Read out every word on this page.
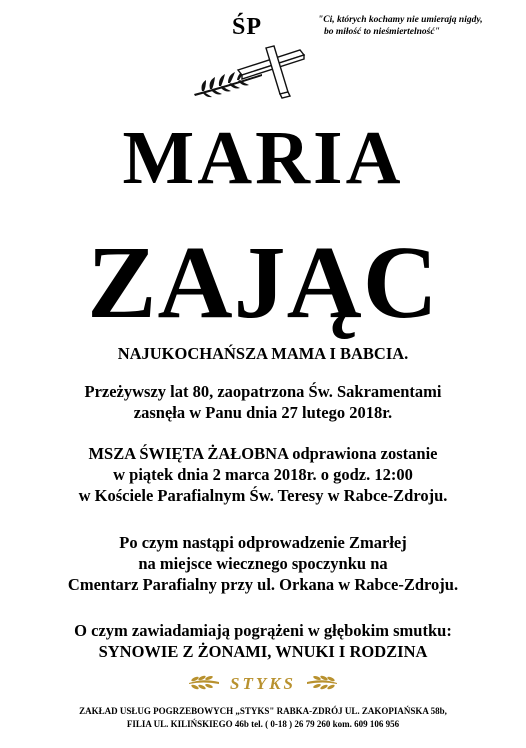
ŚP	"Ci, których kochamy nie umierają nigdy,
bo miłość to nieśmiertelność"
MARIA
ZAJĄC
NAJUKOCHAŃSZA MAMA I BABCIA.
Przeżywszy lat 80, zaopatrzona Św. Sakramentami
zasnęła w Panu dnia 27 lutego 2018r.
MSZA ŚWIĘTA ŻAŁOBNA odprawiona zostanie
w piątek dnia 2 marca 2018r. o godz. 12:00
w Kościele Parafialnym Św. Teresy w Rabce-Zdroju.
Po czym nastąpi odprowadzenie Zmarłej
na miejsce wiecznego spoczynku na
Cmentarz Parafialny przy ul. Orkana w Rabce-Zdroju.
O czym zawiadamiają pogrążeni w głębokim smutku:
SYNOWIE Z ŻONAMI, WNUKI I RODZINA
STYKS
ZAKŁAD USŁUG POGRZEBOWYCH „STYKS" RABKA-ZDRÓJ UL. ZAKOPIAŃSKA 58b,
FILIA UL. KILIŃSKIEGO 46b tel. ( 0-18 ) 26 79 260 kom. 609 106 956
